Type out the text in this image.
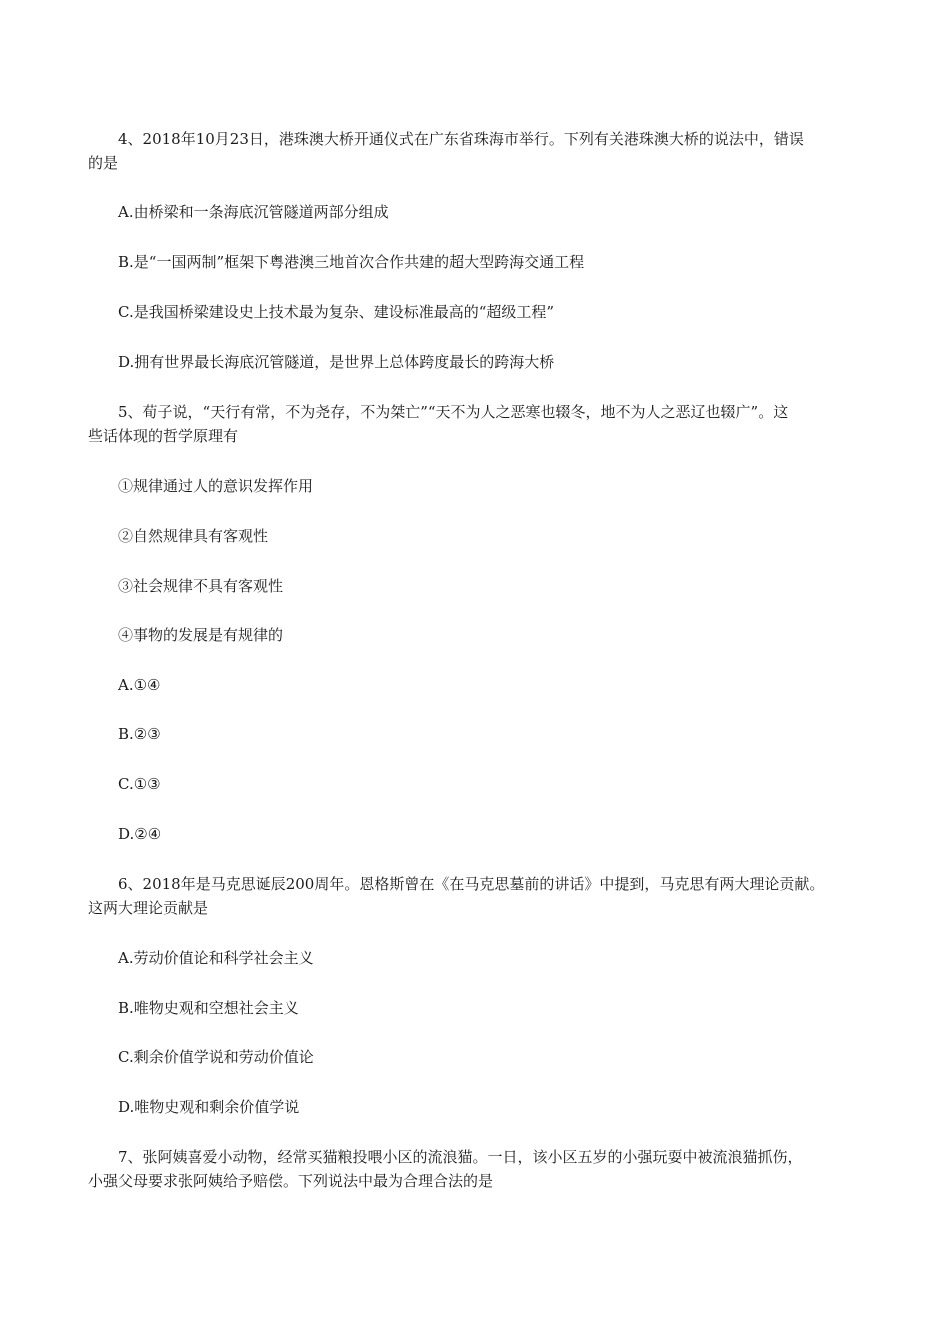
4、2018年10月23日，港珠澳大桥开通仪式在广东省珠海市举行。下列有关港珠澳大桥的说法中，错误
的是
A.由桥梁和一条海底沉管隧道两部分组成
B.是“一国两制”框架下粤港澳三地首次合作共建的超大型跨海交通工程
C.是我国桥梁建设史上技术最为复杂、建设标准最高的“超级工程”
D.拥有世界最长海底沉管隧道，是世界上总体跨度最长的跨海大桥
5、荀子说，“天行有常，不为尧存，不为桀亡”“天不为人之恶寒也辍冬，地不为人之恶辽也辍广”。这
些话体现的哲学原理有
①规律通过人的意识发挥作用
②自然规律具有客观性
③社会规律不具有客观性
④事物的发展是有规律的
A.①④
B.②③
C.①③
D.②④
6、2018年是马克思诞辰200周年。恩格斯曾在《在马克思墓前的讲话》中提到，马克思有两大理论贡献。
这两大理论贡献是
A.劳动价值论和科学社会主义
B.唯物史观和空想社会主义
C.剩余价值学说和劳动价值论
D.唯物史观和剩余价值学说
7、张阿姨喜爱小动物，经常买猫粮投喂小区的流浪猫。一日，该小区五岁的小强玩耍中被流浪猫抓伤，
小强父母要求张阿姨给予赔偿。下列说法中最为合理合法的是
